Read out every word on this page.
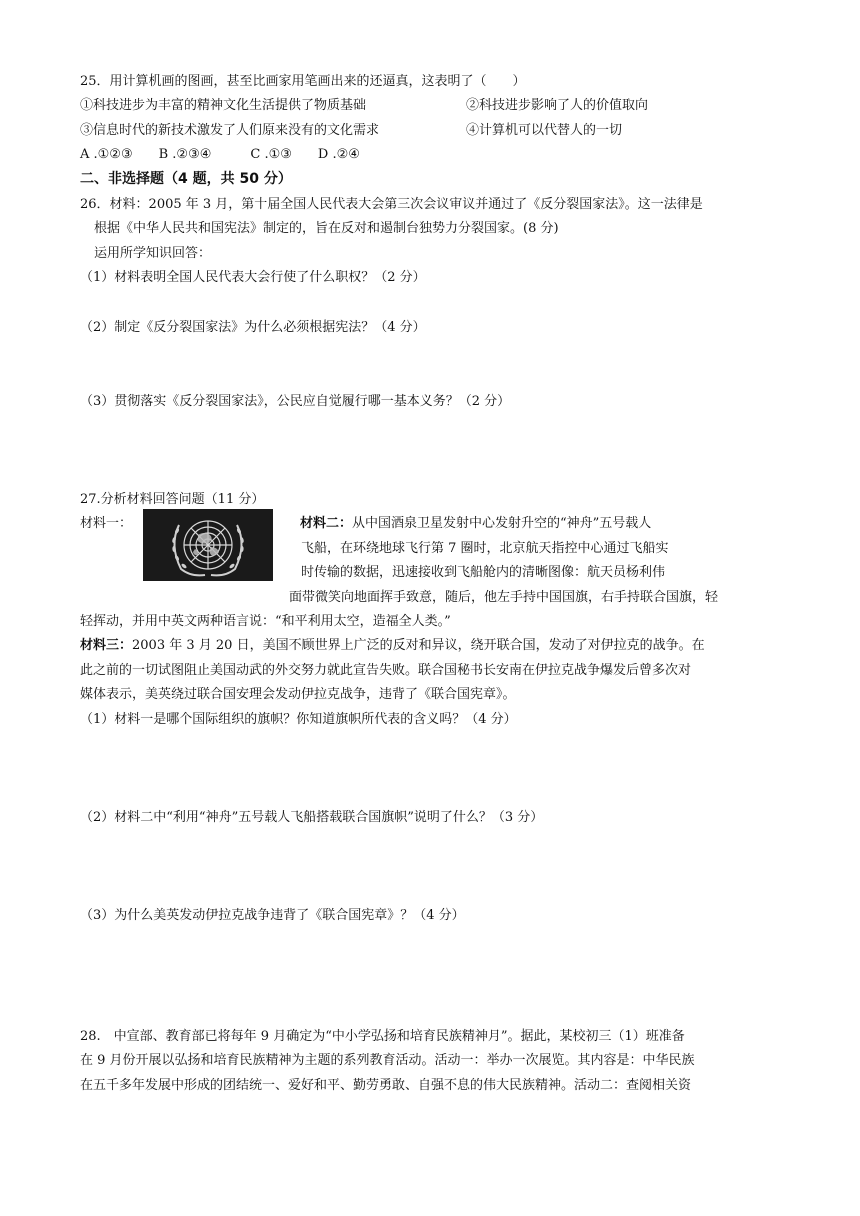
25．用计算机画的图画，甚至比画家用笔画出来的还逼真，这表明了（　　）
①科技进步为丰富的精神文化生活提供了物质基础	②科技进步影响了人的价值取向
③信息时代的新技术激发了人们原来没有的文化需求	④计算机可以代替人的一切
A .①②③　　B .②③④　　　C .①③　　D .②④
二、非选择题（4 题，共 50 分）
26．材料：2005 年 3 月，第十届全国人民代表大会第三次会议审议并通过了《反分裂国家法》。这一法律是
根据《中华人民共和国宪法》制定的，旨在反对和遏制台独势力分裂国家。(8 分)
运用所学知识回答：
（1）材料表明全国人民代表大会行使了什么职权？（2 分）
（2）制定《反分裂国家法》为什么必须根据宪法？（4 分）
（3）贯彻落实《反分裂国家法》，公民应自觉履行哪一基本义务？（2 分）
27.分析材料回答问题（11 分）
材料一：	材料二：从中国酒泉卫星发射中心发射升空的“神舟”五号载人
飞船，在环绕地球飞行第 7 圈时，北京航天指控中心通过飞船实
时传输的数据，迅速接收到飞船舱内的清晰图像：航天员杨利伟
面带微笑向地面挥手致意，随后，他左手持中国国旗，右手持联合国旗，轻
轻挥动，并用中英文两种语言说：“和平利用太空，造福全人类。”
材料三：2003 年 3 月 20 日，美国不顾世界上广泛的反对和异议，绕开联合国，发动了对伊拉克的战争。在
此之前的一切试图阻止美国动武的外交努力就此宣告失败。联合国秘书长安南在伊拉克战争爆发后曾多次对
媒体表示，美英绕过联合国安理会发动伊拉克战争，违背了《联合国宪章》。
（1）材料一是哪个国际组织的旗帜？你知道旗帜所代表的含义吗？（4 分）
（2）材料二中“利用“神舟”五号载人飞船搭载联合国旗帜”说明了什么？（3 分）
（3）为什么美英发动伊拉克战争违背了《联合国宪章》？（4 分）
28.　中宣部、教育部已将每年 9 月确定为“中小学弘扬和培育民族精神月”。据此，某校初三（1）班准备
在 9 月份开展以弘扬和培育民族精神为主题的系列教育活动。活动一：举办一次展览。其内容是：中华民族
在五千多年发展中形成的团结统一、爱好和平、勤劳勇敢、自强不息的伟大民族精神。活动二：查阅相关资
